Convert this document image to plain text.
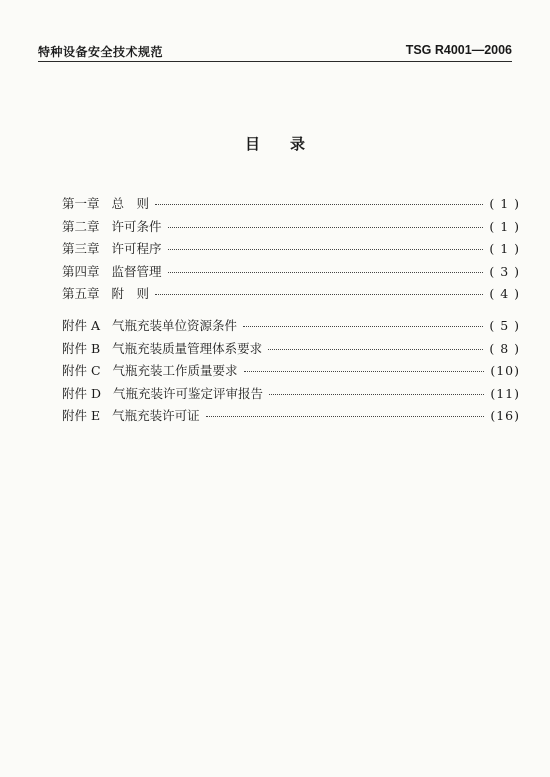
特种设备安全技术规范	TSG R4001—2006
目录
第一章 总　则	( 1 )
第二章 许可条件	( 1 )
第三章 许可程序	( 1 )
第四章 监督管理	( 3 )
第五章 附　则	( 4 )
附件 A 气瓶充装单位资源条件	( 5 )
附件 B 气瓶充装质量管理体系要求	( 8 )
附件 C 气瓶充装工作质量要求	(10)
附件 D 气瓶充装许可鉴定评审报告	(11)
附件 E 气瓶充装许可证	(16)
